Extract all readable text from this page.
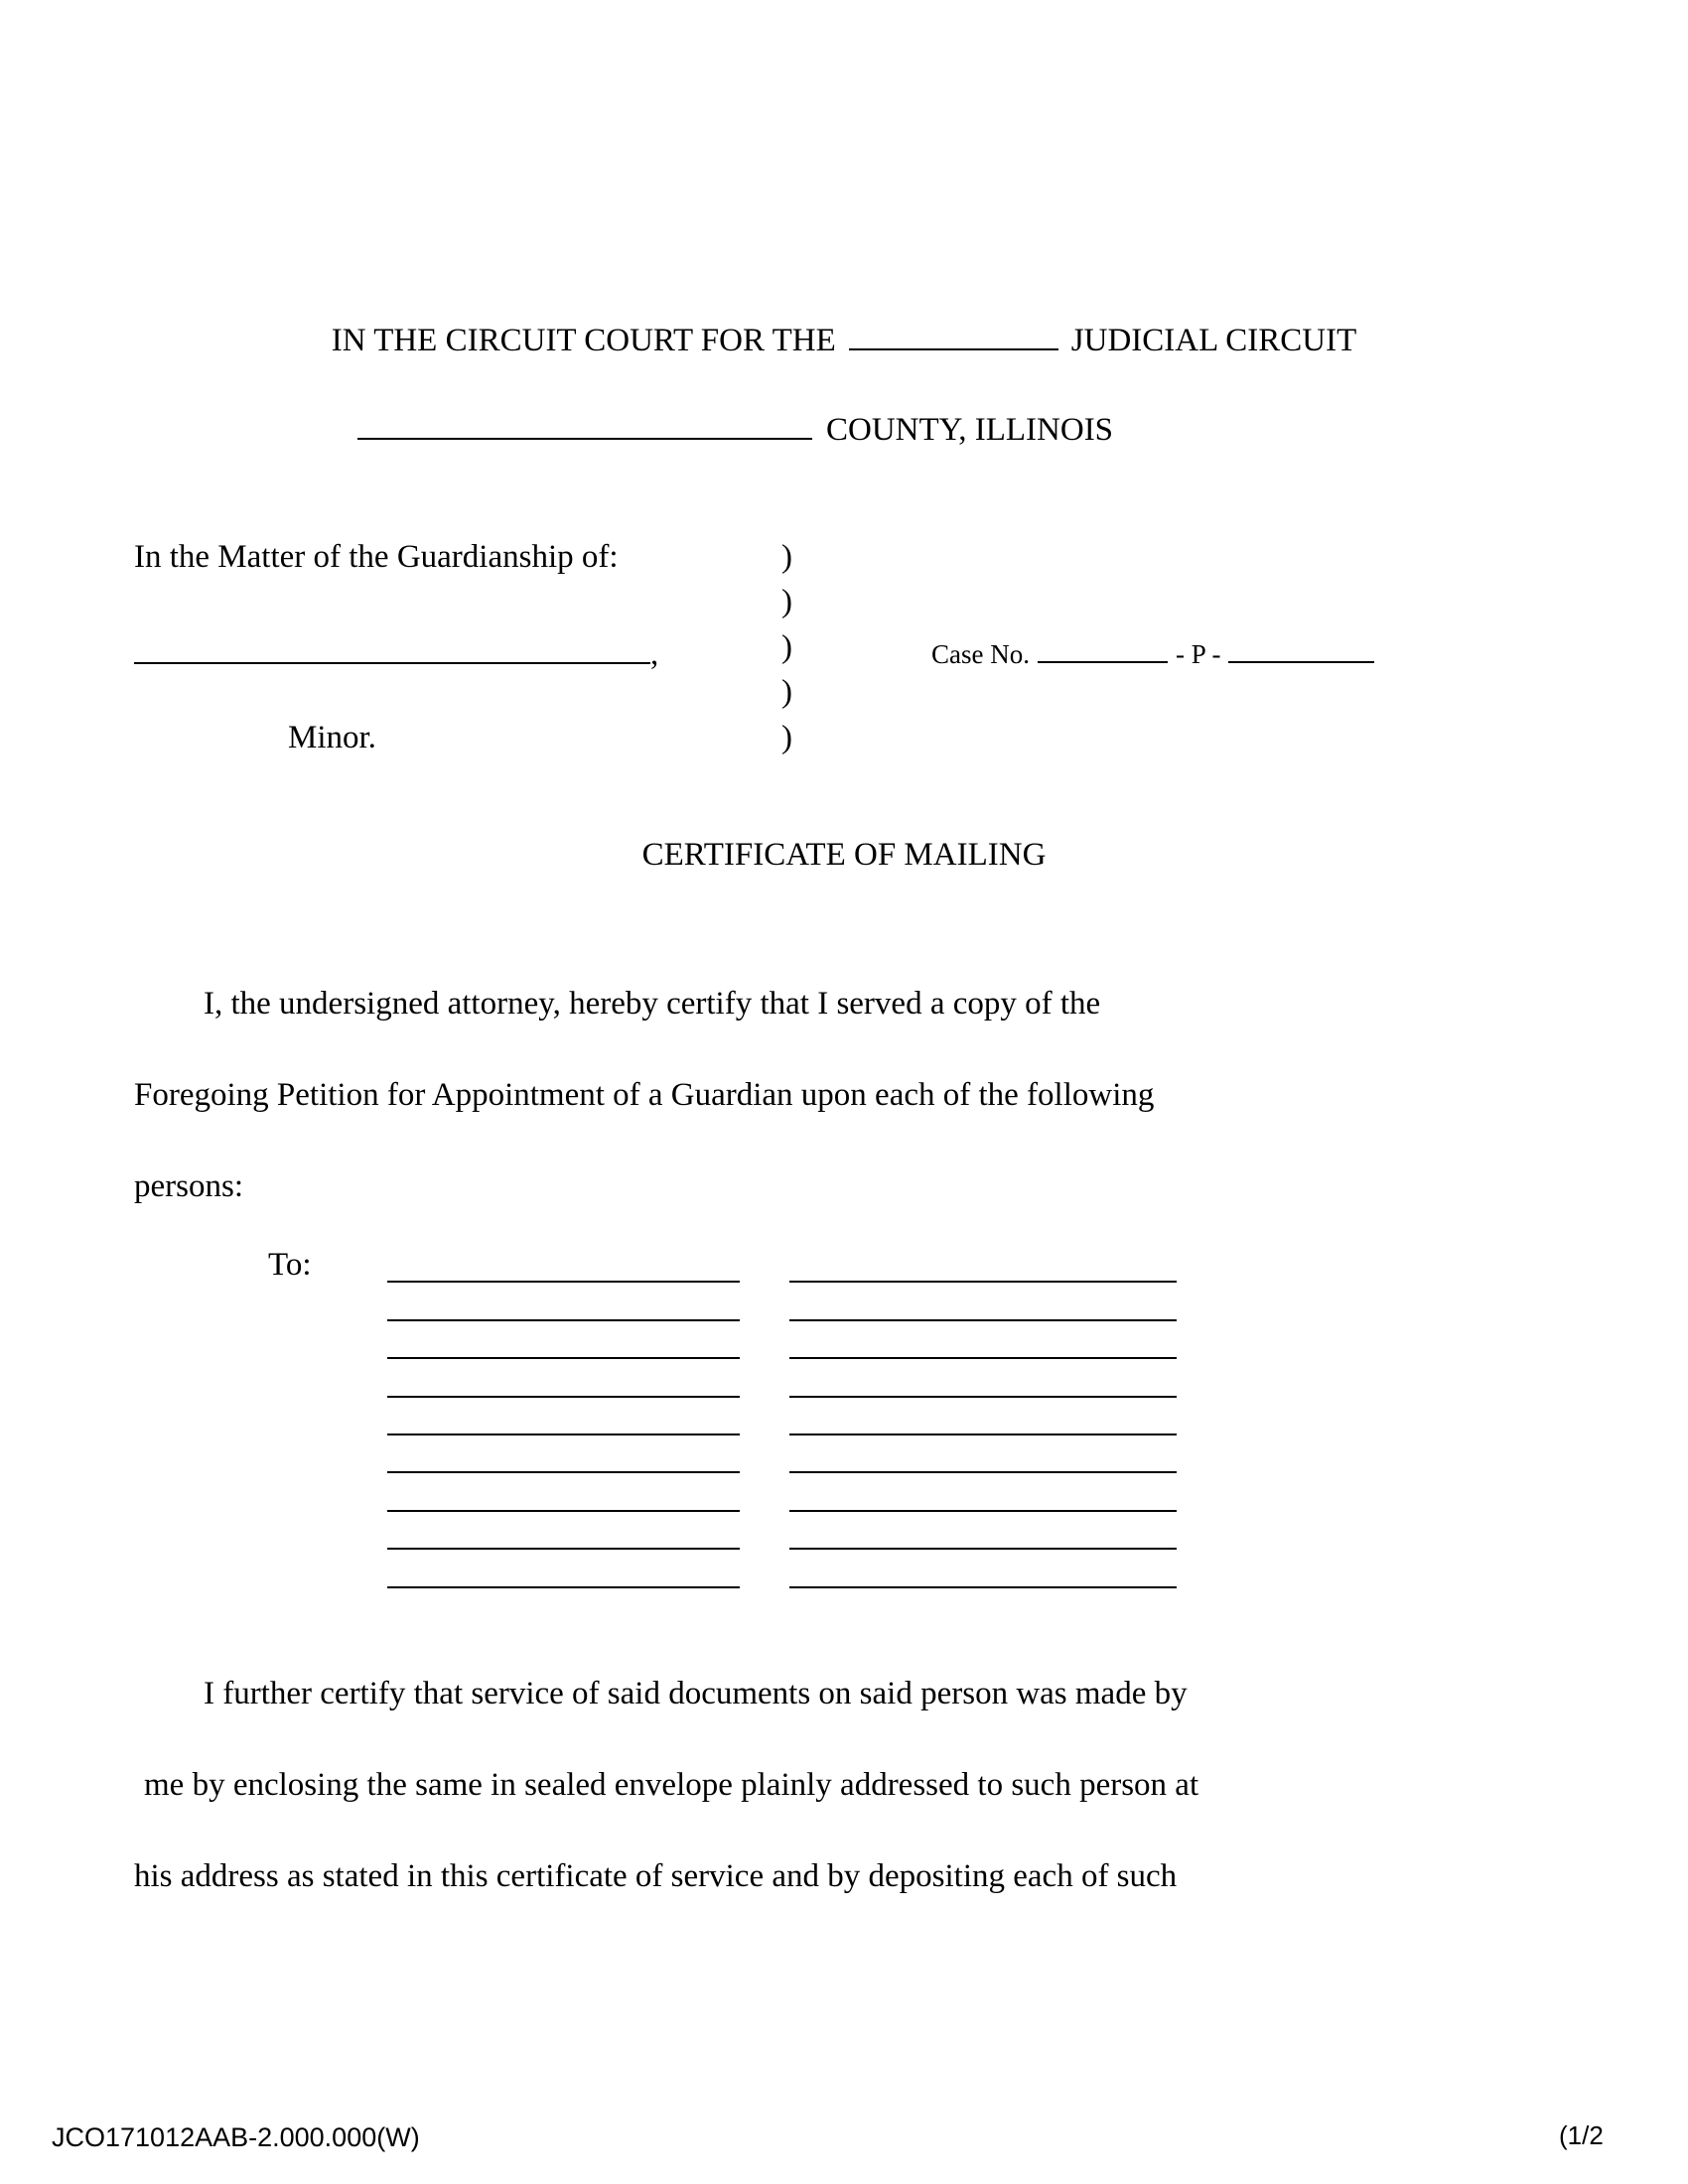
IN THE CIRCUIT COURT FOR THE	JUDICIAL CIRCUIT
COUNTY, ILLINOIS
In the Matter of the Guardianship of:	)
)
)
)
)
,
Minor.
Case No.	- P -
CERTIFICATE OF MAILING
I, the undersigned attorney, hereby certify that I served a copy of the
Foregoing Petition for Appointment of a Guardian upon each of the following
persons:
To:
I further certify that service of said documents on said person was made by
me by enclosing the same in sealed envelope plainly addressed to such person at
his address as stated in this certificate of service and by depositing each of such
JCO171012AAB-2.000.000(W)	(1/2
